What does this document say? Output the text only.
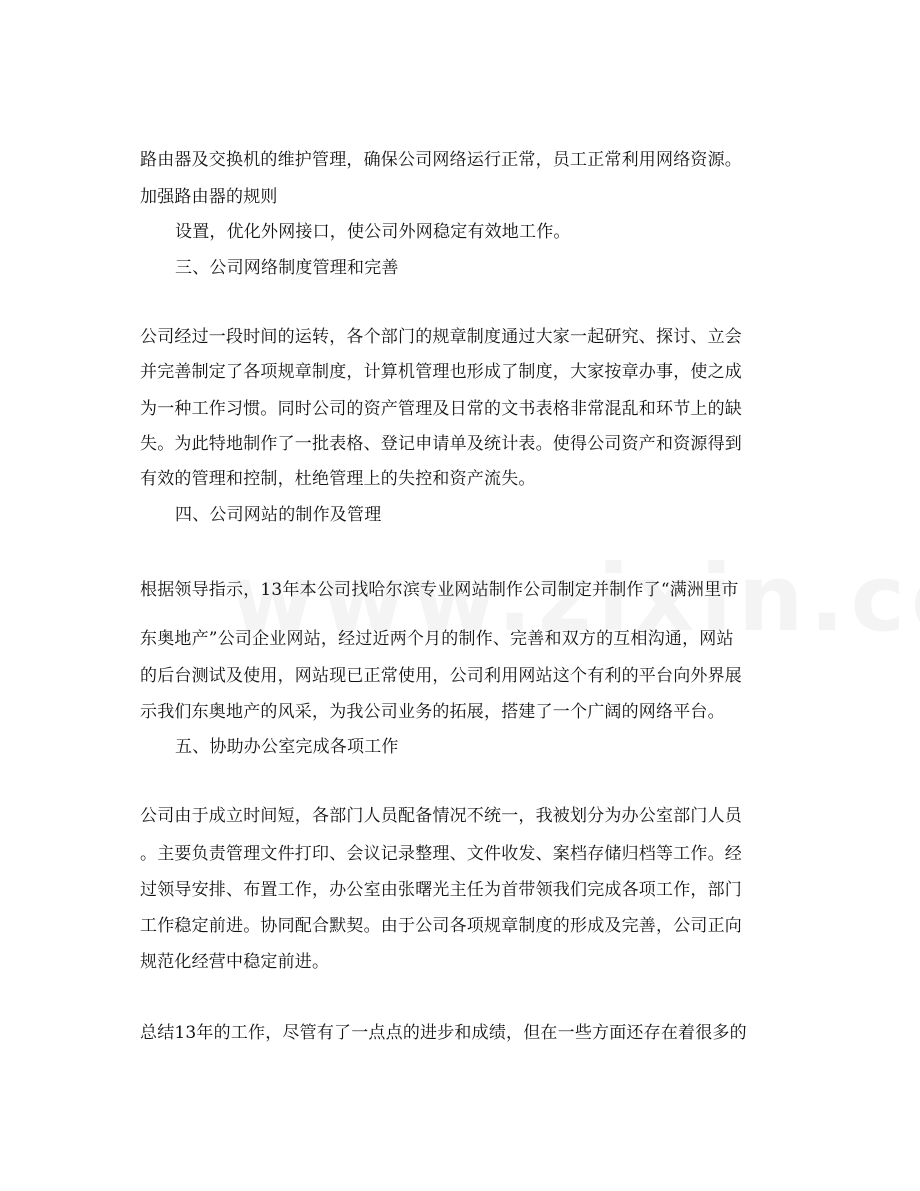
路由器及交换机的维护管理，确保公司网络运行正常，员工正常利用网络资源。
加强路由器的规则
设置，优化外网接口，使公司外网稳定有效地工作。
三、公司网络制度管理和完善
公司经过一段时间的运转，各个部门的规章制度通过大家一起研究、探讨、立会
并完善制定了各项规章制度，计算机管理也形成了制度，大家按章办事，使之成
为一种工作习惯。同时公司的资产管理及日常的文书表格非常混乱和环节上的缺
失。为此特地制作了一批表格、登记申请单及统计表。使得公司资产和资源得到
有效的管理和控制，杜绝管理上的失控和资产流失。
四、公司网站的制作及管理
根据领导指示，13年本公司找哈尔滨专业网站制作公司制定并制作了“满洲里市
东奥地产”公司企业网站，经过近两个月的制作、完善和双方的互相沟通，网站
的后台测试及使用，网站现已正常使用，公司利用网站这个有利的平台向外界展
示我们东奥地产的风采，为我公司业务的拓展，搭建了一个广阔的网络平台。
五、协助办公室完成各项工作
公司由于成立时间短，各部门人员配备情况不统一，我被划分为办公室部门人员
。主要负责管理文件打印、会议记录整理、文件收发、案档存储归档等工作。经
过领导安排、布置工作，办公室由张曙光主任为首带领我们完成各项工作，部门
工作稳定前进。协同配合默契。由于公司各项规章制度的形成及完善，公司正向
规范化经营中稳定前进。
总结13年的工作，尽管有了一点点的进步和成绩，但在一些方面还存在着很多的
